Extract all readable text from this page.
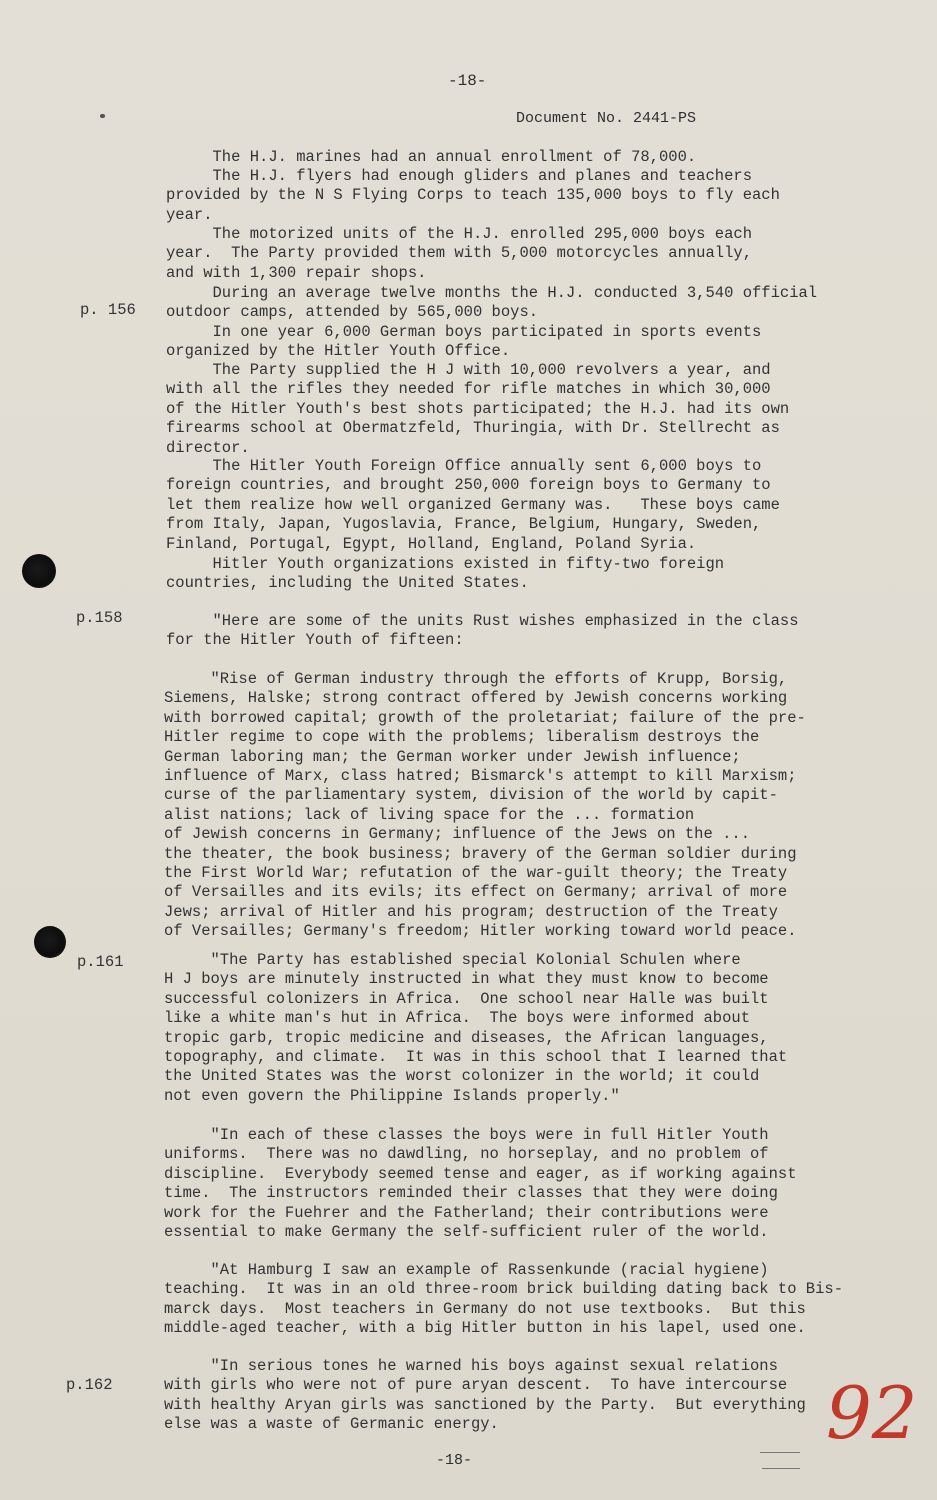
-18-
Document No. 2441-PS
p. 156
p.158
p.161
p.162
The H.J. marines had an annual enrollment of 78,000.
The H.J. flyers had enough gliders and planes and teachers
provided by the N S Flying Corps to teach 135,000 boys to fly each
year.
The motorized units of the H.J. enrolled 295,000 boys each
year.  The Party provided them with 5,000 motorcycles annually,
and with 1,300 repair shops.
During an average twelve months the H.J. conducted 3,540 official
outdoor camps, attended by 565,000 boys.
In one year 6,000 German boys participated in sports events
organized by the Hitler Youth Office.
The Party supplied the H J with 10,000 revolvers a year, and
with all the rifles they needed for rifle matches in which 30,000
of the Hitler Youth's best shots participated; the H.J. had its own
firearms school at Obermatzfeld, Thuringia, with Dr. Stellrecht as
director.
The Hitler Youth Foreign Office annually sent 6,000 boys to
foreign countries, and brought 250,000 foreign boys to Germany to
let them realize how well organized Germany was.   These boys came
from Italy, Japan, Yugoslavia, France, Belgium, Hungary, Sweden,
Finland, Portugal, Egypt, Holland, England, Poland Syria.
Hitler Youth organizations existed in fifty-two foreign
countries, including the United States.
"Here are some of the units Rust wishes emphasized in the class
for the Hitler Youth of fifteen:
"Rise of German industry through the efforts of Krupp, Borsig,
Siemens, Halske; strong contract offered by Jewish concerns working
with borrowed capital; growth of the proletariat; failure of the pre-
Hitler regime to cope with the problems; liberalism destroys the
German laboring man; the German worker under Jewish influence;
influence of Marx, class hatred; Bismarck's attempt to kill Marxism;
curse of the parliamentary system, division of the world by capit-
alist nations; lack of living space for the ... formation
of Jewish concerns in Germany; influence of the Jews on the ...
the theater, the book business; bravery of the German soldier during
the First World War; refutation of the war-guilt theory; the Treaty
of Versailles and its evils; its effect on Germany; arrival of more
Jews; arrival of Hitler and his program; destruction of the Treaty
of Versailles; Germany's freedom; Hitler working toward world peace.
"The Party has established special Kolonial Schulen where
H J boys are minutely instructed in what they must know to become
successful colonizers in Africa.  One school near Halle was built
like a white man's hut in Africa.  The boys were informed about
tropic garb, tropic medicine and diseases, the African languages,
topography, and climate.  It was in this school that I learned that
the United States was the worst colonizer in the world; it could
not even govern the Philippine Islands properly."
"In each of these classes the boys were in full Hitler Youth
uniforms.  There was no dawdling, no horseplay, and no problem of
discipline.  Everybody seemed tense and eager, as if working against
time.  The instructors reminded their classes that they were doing
work for the Fuehrer and the Fatherland; their contributions were
essential to make Germany the self-sufficient ruler of the world.
"At Hamburg I saw an example of Rassenkunde (racial hygiene)
teaching.  It was in an old three-room brick building dating back to Bis-
marck days.  Most teachers in Germany do not use textbooks.  But this
middle-aged teacher, with a big Hitler button in his lapel, used one.
"In serious tones he warned his boys against sexual relations
with girls who were not of pure aryan descent.  To have intercourse
with healthy Aryan girls was sanctioned by the Party.  But everything
else was a waste of Germanic energy.	92
-18-
